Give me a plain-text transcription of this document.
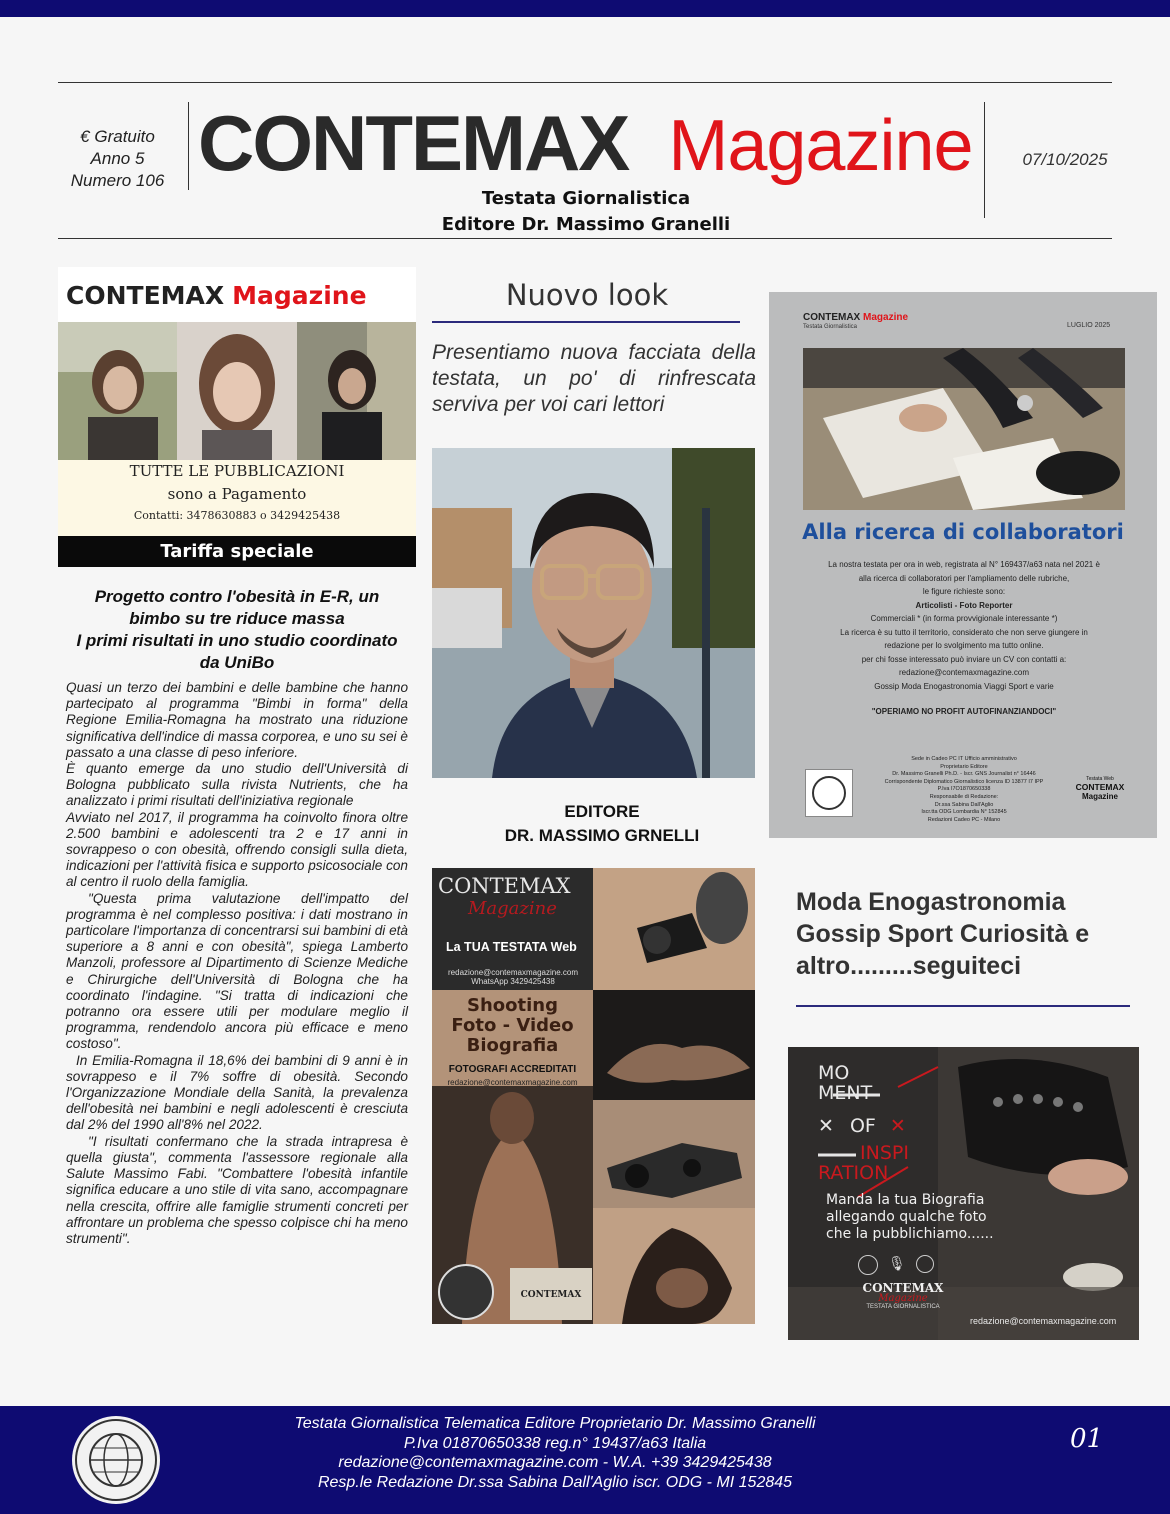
€ Gratuito
Anno 5
Numero 106 CONTEMAX Magazine
Testata Giornalistica
Editore Dr. Massimo Granelli
07/10/2025
CONTEMAX Magazine
TUTTE LE PUBBLICAZIONI
sono a Pagamento
Contatti: 3478630883 o 3429425438
Tariffa speciale
Progetto contro l'obesità in E-R, un
bimbo su tre riduce massa
I primi risultati in uno studio coordinato
da UniBo

Quasi un terzo dei bambini e delle bambine che hanno partecipato al programma "Bimbi in forma" della Regione Emilia-Romagna ha mostrato una riduzione significativa dell'indice di massa corporea, e uno su sei è passato a una classe di peso inferiore.

È quanto emerge da uno studio dell'Università di Bologna pubblicato sulla rivista Nutrients, che ha analizzato i primi risultati dell'iniziativa regionale

Avviato nel 2017, il programma ha coinvolto finora oltre 2.500 bambini e adolescenti tra 2 e 17 anni in sovrappeso o con obesità, offrendo consigli sulla dieta, indicazioni per l'attività fisica e supporto psicosociale con al centro il ruolo della famiglia.

"Questa prima valutazione dell'impatto del programma è nel complesso positiva: i dati mostrano in particolare l'importanza di concentrarsi sui bambini di età superiore a 8 anni e con obesità", spiega Lamberto Manzoli, professore al Dipartimento di Scienze Mediche e Chirurgiche dell'Università di Bologna che ha coordinato l'indagine. "Si tratta di indicazioni che potranno ora essere utili per modulare meglio il programma, rendendolo ancora più efficace e meno costoso".

In Emilia-Romagna il 18,6% dei bambini di 9 anni è in sovrappeso e il 7% soffre di obesità. Secondo l'Organizzazione Mondiale della Sanità, la prevalenza dell'obesità nei bambini e negli adolescenti è cresciuta dal 2% del 1990 all'8% nel 2022.

"I risultati confermano che la strada intrapresa è quella giusta", commenta l'assessore regionale alla Salute Massimo Fabi. "Combattere l'obesità infantile significa educare a uno stile di vita sano, accompagnare nella crescita, offrire alle famiglie strumenti concreti per affrontare un problema che spesso colpisce chi ha meno strumenti".

Nuovo look
Presentiamo nuova facciata della testata, un po' di rinfrescata serviva per voi cari lettori
EDITORE
DR. MASSIMO GRNELLI
CONTEMAX
Magazine
La TUA TESTATA Web
redazione@contemaxmagazine.com
WhatsApp 3429425438
Shooting
Foto - Video
Biografia
FOTOGRAFI ACCREDITATI
redazione@contemaxmagazine.com
CONTEMAX
CONTEMAX Magazine
Testata Giornalistica	LUGLIO 2025
Alla ricerca di collaboratori
La nostra testata per ora in web, registrata al N° 169437/a63 nata nel 2021 è
alla ricerca di collaboratori per l'ampliamento delle rubriche,
le figure richieste sono:
Articolisti - Foto Reporter
Commerciali * (in forma provvigionale interessante *)
La ricerca è su tutto il territorio, considerato che non serve giungere in
redazione per lo svolgimento ma tutto online.
per chi fosse interessato può inviare un CV con contatti a:
redazione@contemaxmagazine.com
Gossip Moda Enogastronomia Viaggi Sport e varie
"OPERIAMO NO PROFIT AUTOFINANZIANDOCI"
Sede in Cadeo PC IT Ufficio amministrativo
Proprietario Editore
Dr. Massimo Granelli Ph.D. - Iscr. GNS Journalist n° 16446
Corrispondente Diplomatico Giornalistico licenza ID 13877 I7 IPP
P.Iva I7O1870650338
Responsabile di Redazione:
Dr.ssa Sabina Dall'Aglio
Iscr.tta ODG Lombardia N° 152845
Redazioni Cadeo PC - Milano
Testata Web
CONTEMAX
Magazine
Moda Enogastronomia
Gossip Sport Curiosità e
altro.........seguiteci
MO
MENT
✕ OF ✕
INSPI
RATION
Manda la tua Biografia
allegando qualche foto
che la pubblichiamo......
🎙
CONTEMAX
Magazine
TESTATA GIORNALISTICA
redazione@contemaxmagazine.com
Testata Giornalistica Telematica Editore Proprietario Dr. Massimo Granelli
P.Iva 01870650338 reg.n° 19437/a63 Italia
redazione@contemaxmagazine.com - W.A. +39 3429425438
Resp.le Redazione Dr.ssa Sabina Dall'Aglio iscr. ODG - MI 152845
01
